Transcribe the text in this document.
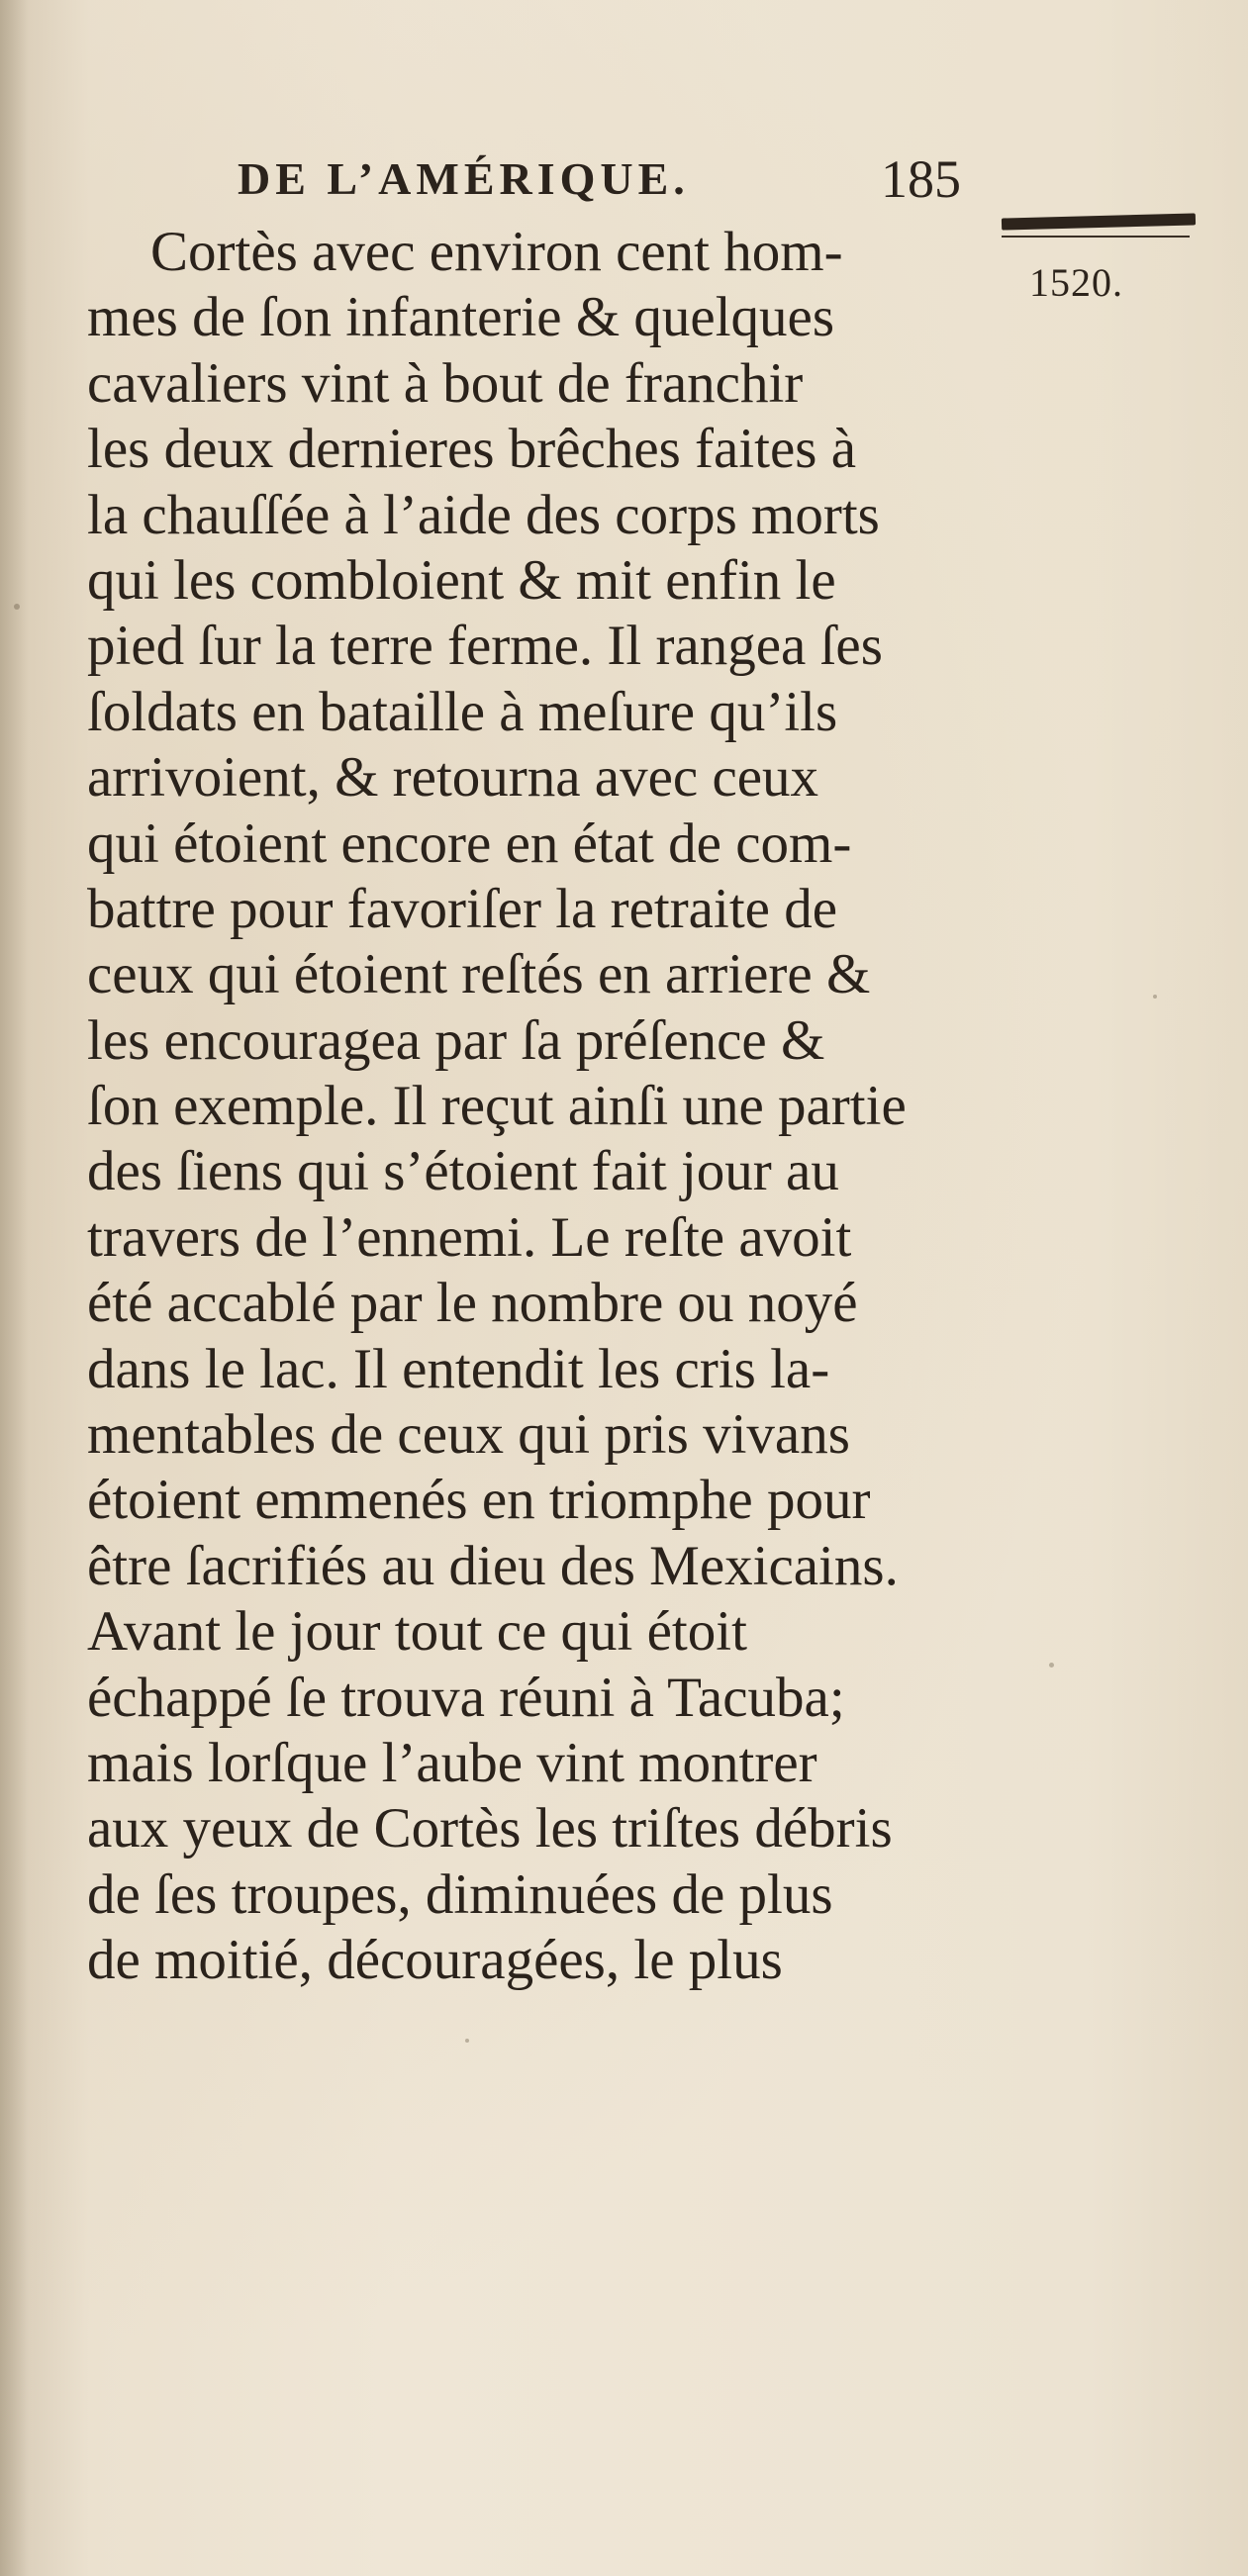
DE L’AMÉRIQUE.	185
1520.
Cortès avec environ cent hom-
mes de ſon infanterie & quelques
cavaliers vint à bout de franchir
les deux dernieres brêches faites à
la chauſſée à l’aide des corps morts
qui les combloient & mit enfin le
pied ſur la terre ferme. Il rangea ſes
ſoldats en bataille à meſure qu’ils
arrivoient, & retourna avec ceux
qui étoient encore en état de com-
battre pour favoriſer la retraite de
ceux qui étoient reſtés en arriere &
les encouragea par ſa préſence &
ſon exemple. Il reçut ainſi une partie
des ſiens qui s’étoient fait jour au
travers de l’ennemi. Le reſte avoit
été accablé par le nombre ou noyé
dans le lac. Il entendit les cris la-
mentables de ceux qui pris vivans
étoient emmenés en triomphe pour
être ſacrifiés au dieu des Mexicains.
Avant le jour tout ce qui étoit
échappé ſe trouva réuni à Tacuba;
mais lorſque l’aube vint montrer
aux yeux de Cortès les triſtes débris
de ſes troupes, diminuées de plus
de moitié, découragées, le plus
